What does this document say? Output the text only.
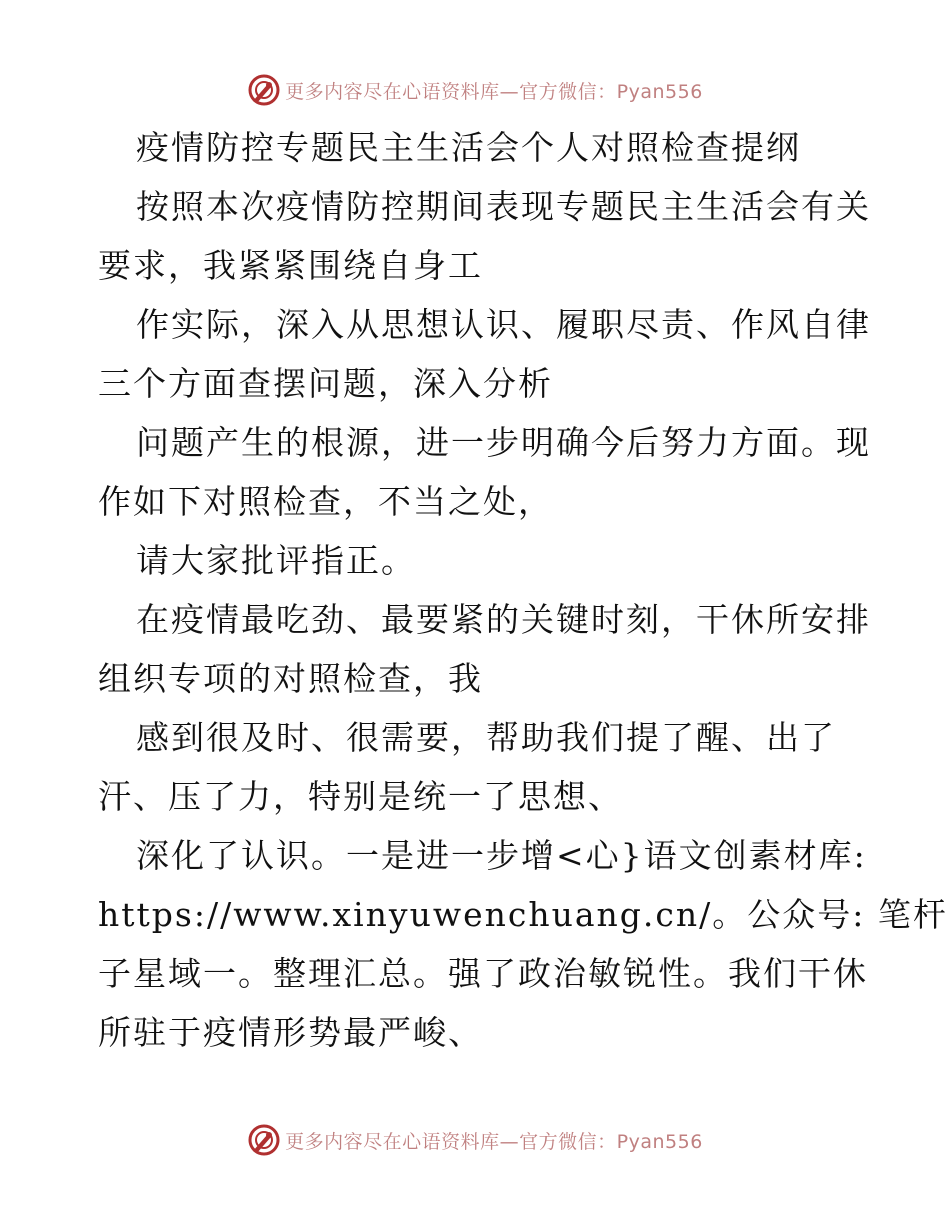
更多内容尽在心语资料库—官方微信：Pyan556
疫情防控专题民主生活会个人对照检查提纲
按照本次疫情防控期间表现专题民主生活会有关
要求，我紧紧围绕自身工
作实际，深入从思想认识、履职尽责、作风自律
三个方面查摆问题，深入分析
问题产生的根源，进一步明确今后努力方面。现
作如下对照检查，不当之处，
请大家批评指正。
在疫情最吃劲、最要紧的关键时刻，干休所安排
组织专项的对照检查，我
感到很及时、很需要，帮助我们提了醒、出了
汗、压了力，特别是统一了思想、
深化了认识。一是进一步增<心}语文创素材库:
https://www.xinyuwenchuang.cn/。公众号: 笔杆
子星域一。整理汇总。强了政治敏锐性。我们干休
所驻于疫情形势最严峻、
更多内容尽在心语资料库—官方微信：Pyan556
